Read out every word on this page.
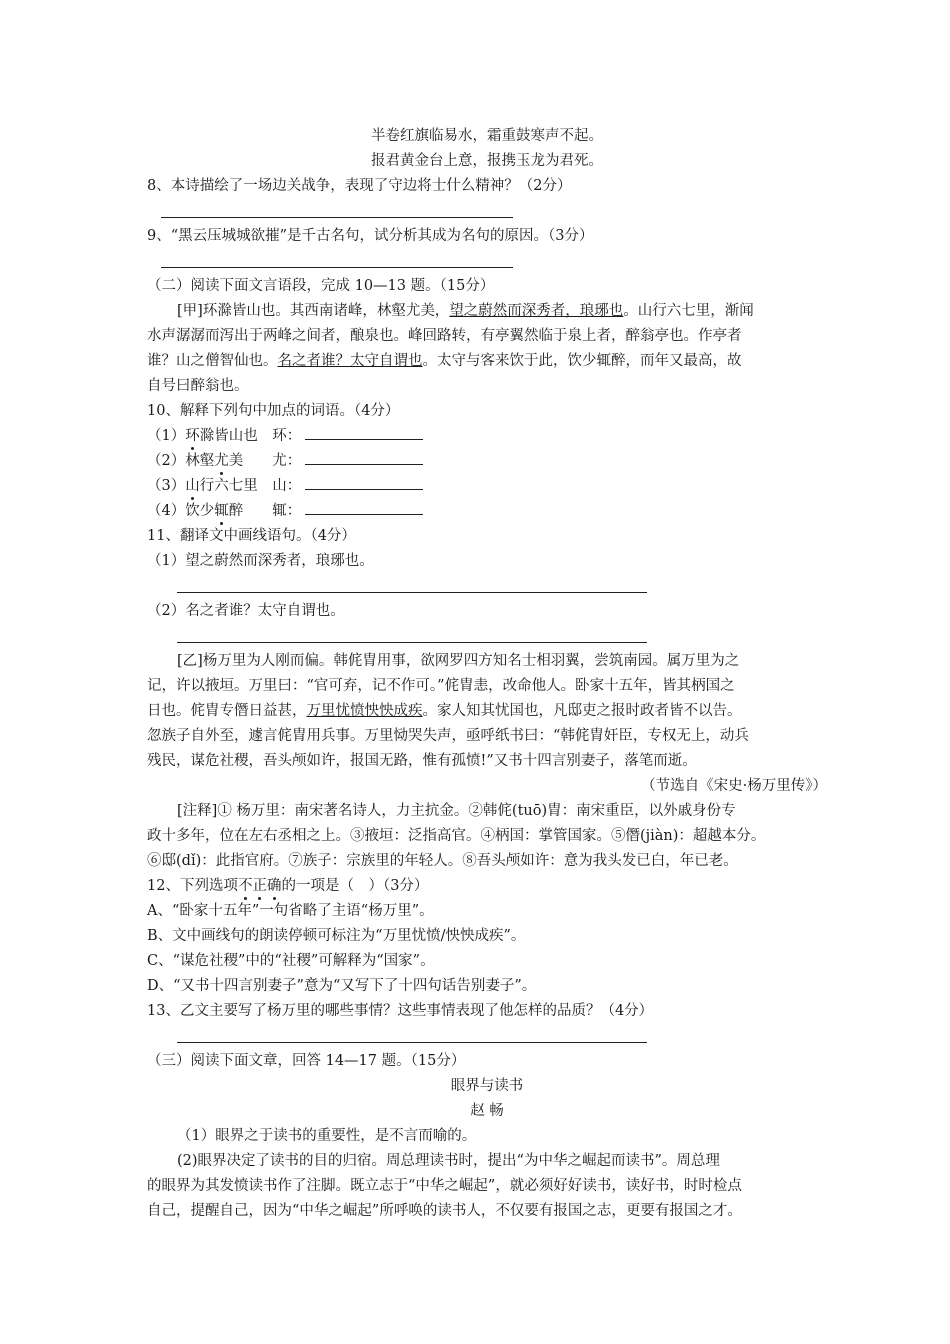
半卷红旗临易水，霜重鼓寒声不起。
报君黄金台上意，报携玉龙为君死。
8、本诗描绘了一场边关战争，表现了守边将士什么精神？（2分）
9、“黑云压城城欲摧”是千古名句，试分析其成为名句的原因。（3分）
（二）阅读下面文言语段，完成 10—13 题。（15分）
[甲]环滁皆山也。其西南诸峰，林壑尤美，望之蔚然而深秀者，琅琊也。山行六七里，渐闻
水声潺潺而泻出于两峰之间者，酿泉也。峰回路转，有亭翼然临于泉上者，醉翁亭也。作亭者
谁？山之僧智仙也。名之者谁？太守自谓也。太守与客来饮于此，饮少辄醉，而年又最高，故
自号曰醉翁也。
10、解释下列句中加点的词语。（4分）
（1）环滁皆山也　环：
（2）林壑尤美　　尤：
（3）山行六七里　山：
（4）饮少辄醉　　辄：
11、翻译文中画线语句。（4分）
（1）望之蔚然而深秀者，琅琊也。
（2）名之者谁？太守自谓也。
[乙]杨万里为人刚而偏。韩侂胄用事，欲网罗四方知名士相羽翼，尝筑南园。属万里为之
记，许以掖垣。万里曰：“官可弃，记不作可。”侂胄恚，改命他人。卧家十五年，皆其柄国之
日也。侂胄专僭日益甚，万里忧愤怏怏成疾。家人知其忧国也，凡邸吏之报时政者皆不以告。
忽族子自外至，遽言侂胄用兵事。万里恸哭失声，亟呼纸书曰：“韩侂胄奸臣，专权无上，动兵
残民，谋危社稷，吾头颅如许，报国无路，惟有孤愤!”又书十四言别妻子，落笔而逝。
（节选自《宋史·杨万里传》）
[注释]① 杨万里：南宋著名诗人，力主抗金。②韩侂(tuō)胄：南宋重臣，以外戚身份专
政十多年，位在左右丞相之上。③掖垣：泛指高官。④柄国：掌管国家。⑤僭(jiàn)：超越本分。
⑥邸(dǐ)：此指官府。⑦族子：宗族里的年轻人。⑧吾头颅如许：意为我头发已白，年已老。
12、下列选项不正确的一项是（　）（3分）
A、“卧家十五年”一句省略了主语“杨万里”。
B、文中画线句的朗读停顿可标注为“万里忧愤/怏怏成疾”。
C、“谋危社稷”中的“社稷”可解释为“国家”。
D、“又书十四言别妻子”意为“又写下了十四句话告别妻子”。
13、乙文主要写了杨万里的哪些事情？这些事情表现了他怎样的品质？（4分）
（三）阅读下面文章，回答 14—17 题。（15分）
眼界与读书
赵 畅
（1）眼界之于读书的重要性，是不言而喻的。
(2)眼界决定了读书的目的归宿。周总理读书时，提出“为中华之崛起而读书”。周总理
的眼界为其发愤读书作了注脚。既立志于“中华之崛起”，就必须好好读书，读好书，时时检点
自己，提醒自己，因为“中华之崛起”所呼唤的读书人，不仅要有报国之志，更要有报国之才。
